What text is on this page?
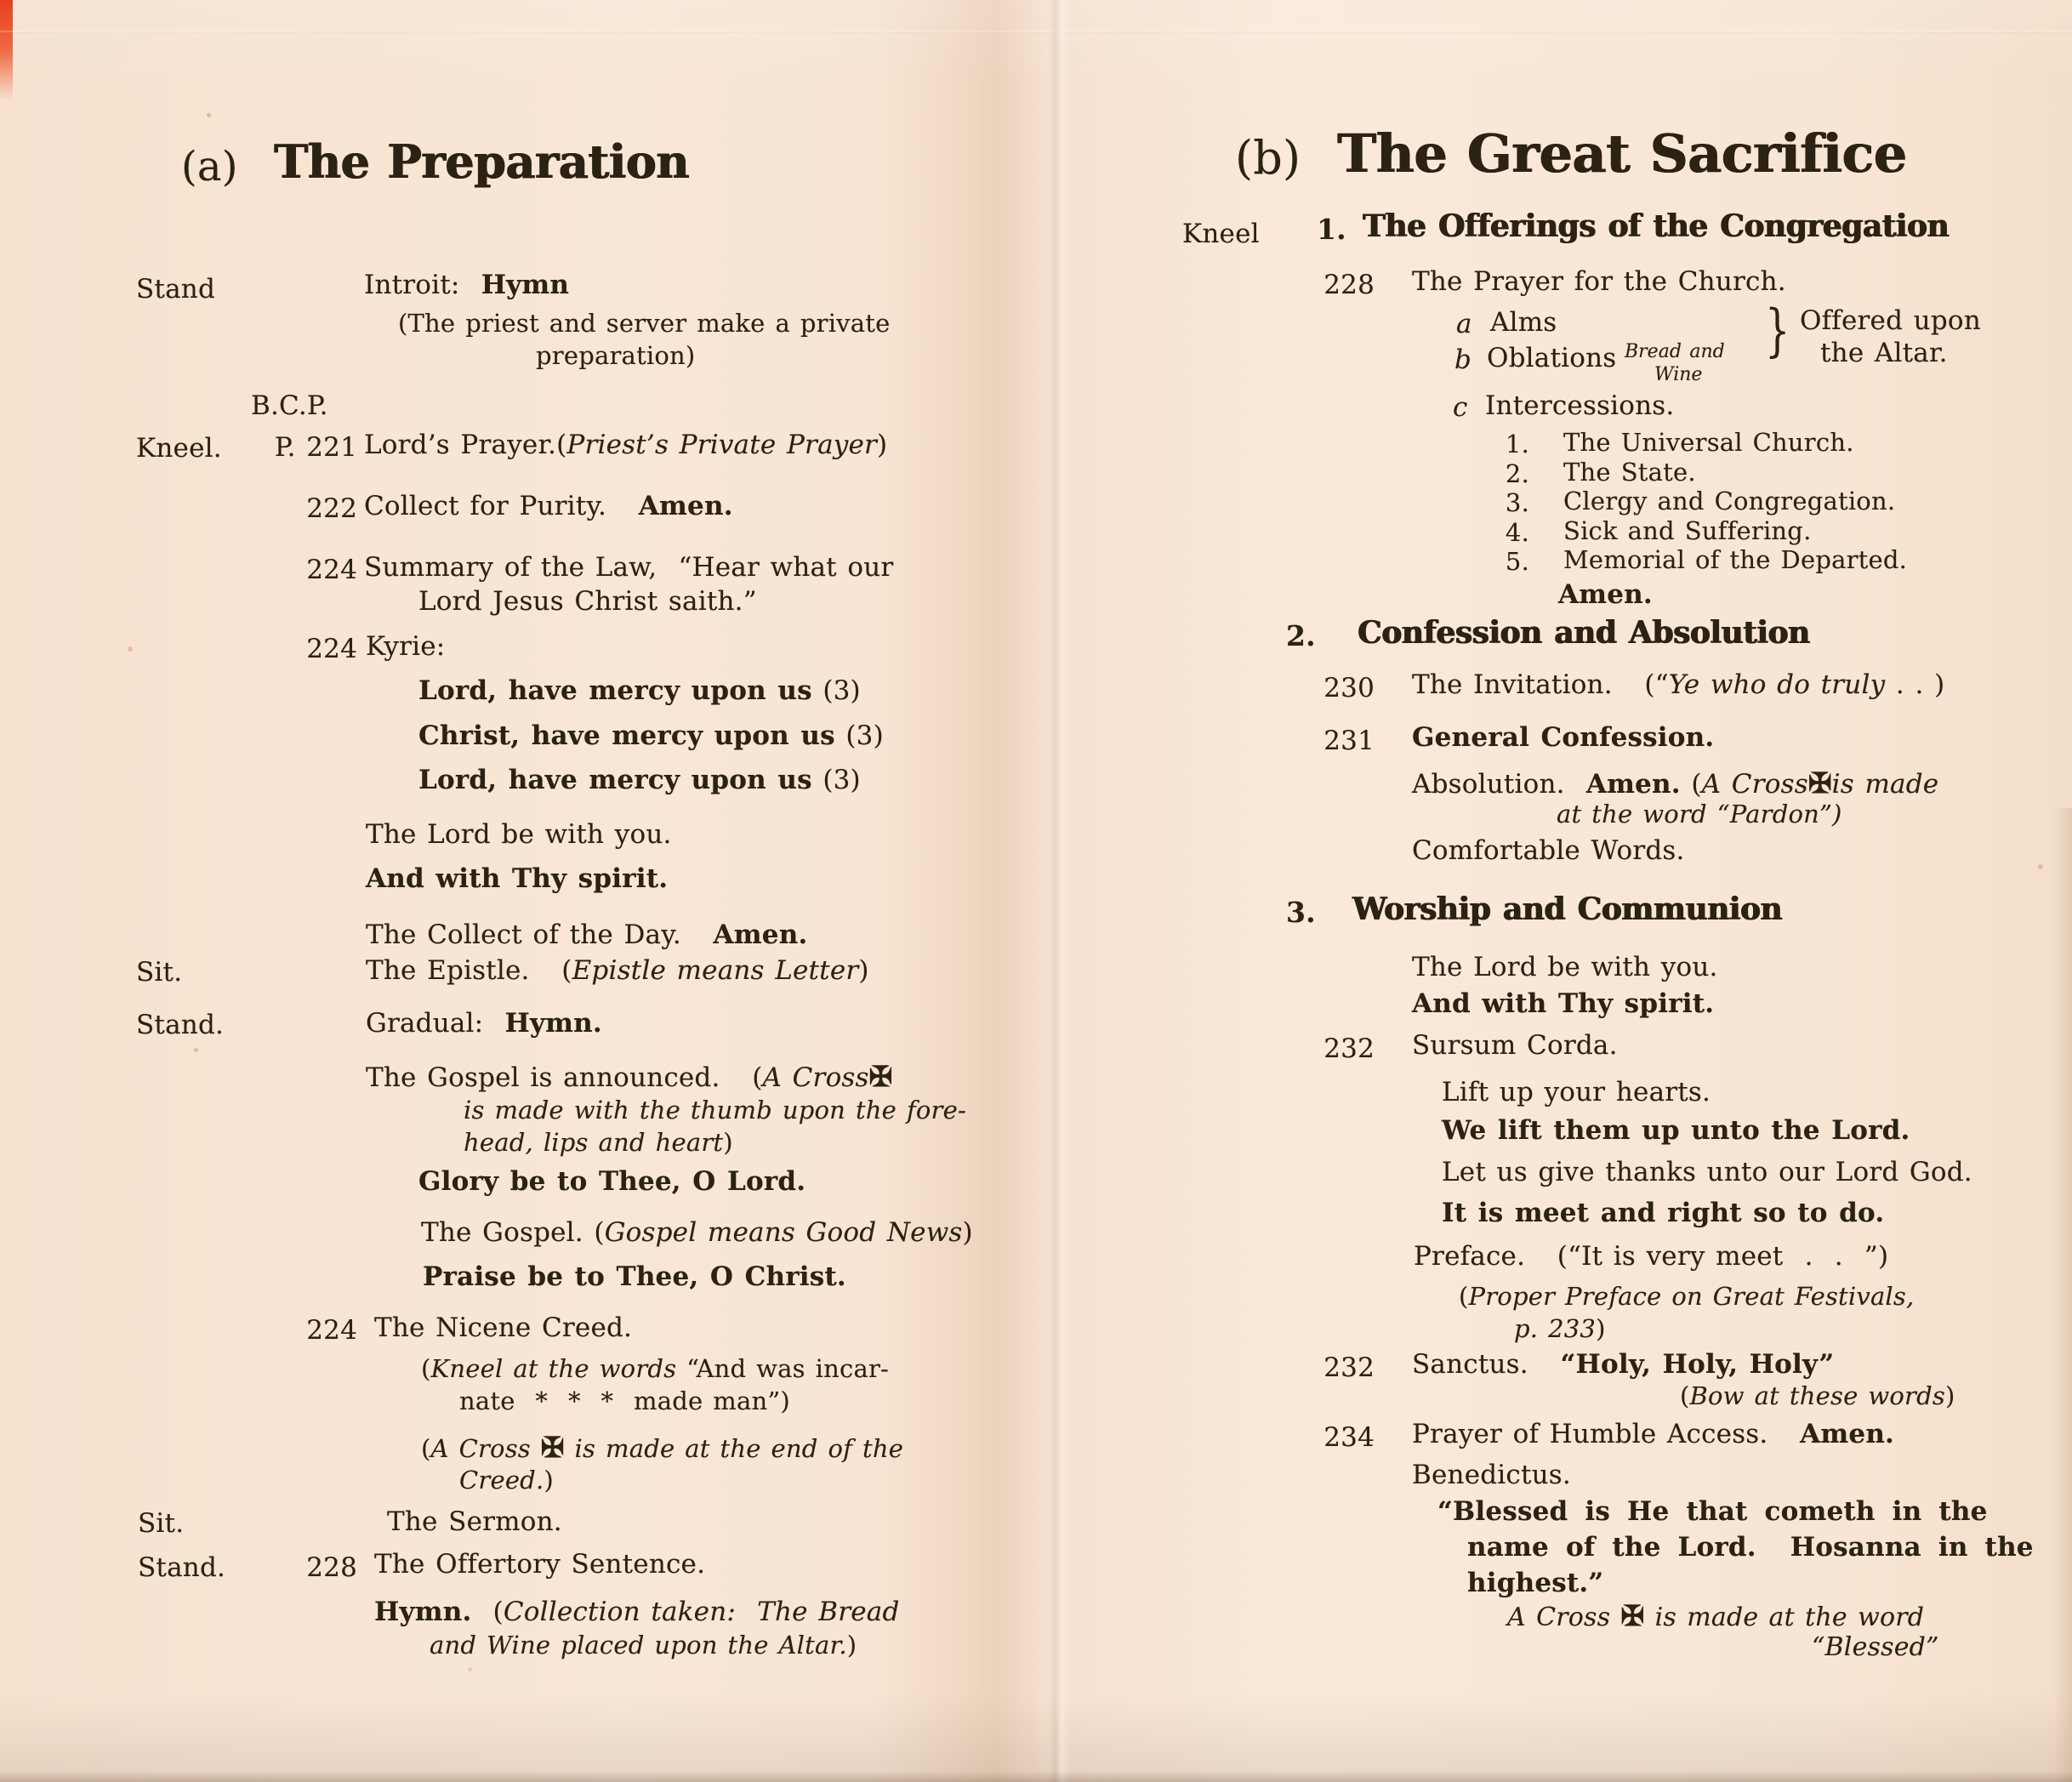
(a) The Preparation
Stand	Introit:  Hymn
(The priest and server make a private
preparation)
B.C.P.
Kneel.	P. 221 Lord’s Prayer.(Priest’s Private Prayer)
222 Collect for Purity.   Amen.
224 Summary of the Law,  “Hear what our
Lord Jesus Christ saith.”
224 Kyrie:
Lord, have mercy upon us (3)
Christ, have mercy upon us (3)
Lord, have mercy upon us (3)
The Lord be with you.
And with Thy spirit.
The Collect of the Day.   Amen.
Sit.	The Epistle.   (Epistle means Letter)
Stand.	Gradual:  Hymn.
The Gospel is announced.   (A Cross✠
is made with the thumb upon the fore-
head, lips and heart)
Glory be to Thee, O Lord.
The Gospel. (Gospel means Good News)
Praise be to Thee, O Christ.
224 The Nicene Creed.
(Kneel at the words “And was incar-
nate  *  *  *  made man”)
(A Cross ✠ is made at the end of the
Creed.)
Sit.	The Sermon.
Stand.	228 The Offertory Sentence.
Hymn.  (Collection taken:  The Bread
and Wine placed upon the Altar.)
(b) The Great Sacrifice
Kneel 1. The Offerings of the Congregation
228 The Prayer for the Church.
a Alms
b Oblations Bread and
Wine
} Offered upon
the Altar.
c Intercessions.
1. The Universal Church.
2. The State.
3. Clergy and Congregation.
4. Sick and Suffering.
5. Memorial of the Departed.
Amen.
2. Confession and Absolution
230 The Invitation.   (“Ye who do truly . . )
231 General Confession.
Absolution.  Amen. (A Cross✠is made
at the word “Pardon”)
Comfortable Words.
3. Worship and Communion
The Lord be with you.
And with Thy spirit.
232 Sursum Corda.
Lift up your hearts.
We lift them up unto the Lord.
Let us give thanks unto our Lord God.
It is meet and right so to do.
Preface.   (“It is very meet  .  .  ”)
(Proper Preface on Great Festivals,
p. 233)
232 Sanctus.   “Holy, Holy, Holy”
(Bow at these words)
234 Prayer of Humble Access.   Amen.
Benedictus.
“Blessed is He that cometh in the
name of the Lord.  Hosanna in the
highest.”
A Cross ✠ is made at the word
“Blessed”
